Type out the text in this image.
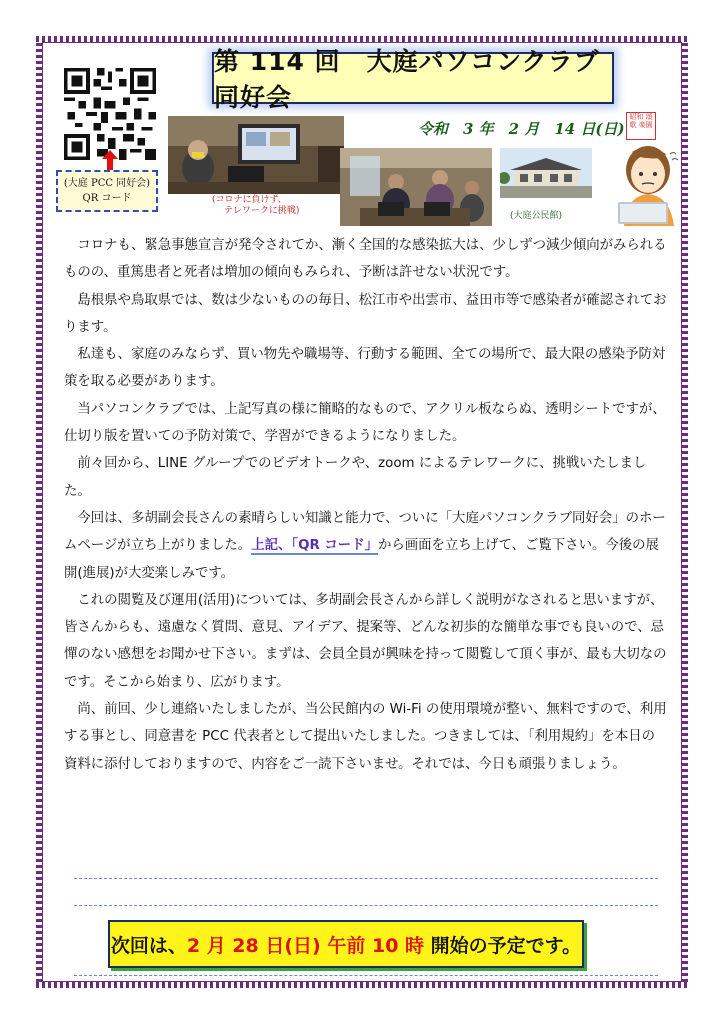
(大庭 PCC 同好会)
QR コード
第 114 回　大庭パソコンクラブ同好会
令和　3 年　2 月　14 日(日)
昭和 頌歌 楽園
(コロナに負けず、
テレワークに挑戦)	(大庭公民館)

コロナも、緊急事態宣言が発令されてか、漸く全国的な感染拡大は、少しずつ減少傾向がみられるものの、重篤患者と死者は増加の傾向もみられ、予断は許せない状況です。

島根県や鳥取県では、数は少ないものの毎日、松江市や出雲市、益田市等で感染者が確認されております。

私達も、家庭のみならず、買い物先や職場等、行動する範囲、全ての場所で、最大限の感染予防対策を取る必要があります。

当パソコンクラブでは、上記写真の様に簡略的なもので、アクリル板ならぬ、透明シートですが、仕切り版を置いての予防対策で、学習ができるようになりました。

前々回から、LINE グループでのビデオトークや、zoom によるテレワークに、挑戦いたしました。

今回は、多胡副会長さんの素晴らしい知識と能力で、ついに「大庭パソコンクラブ同好会」のホームページが立ち上がりました。上記、「QR コード」から画面を立ち上げて、ご覧下さい。今後の展開(進展)が大変楽しみです。

これの閲覧及び運用(活用)については、多胡副会長さんから詳しく説明がなされると思いますが、皆さんからも、遠慮なく質問、意見、アイデア、提案等、どんな初歩的な簡単な事でも良いので、忌憚のない感想をお聞かせ下さい。まずは、会員全員が興味を持って閲覧して頂く事が、最も大切なのです。そこから始まり、広がります。

尚、前回、少し連絡いたしましたが、当公民館内の Wi-Fi の使用環境が整い、無料ですので、利用する事とし、同意書を PCC 代表者として提出いたしました。つきましては、「利用規約」を本日の資料に添付しておりますので、内容をご一読下さいませ。それでは、今日も頑張りましょう。

次回は、 2 月 28 日(日)
午前 10 時
開始の予定です。
